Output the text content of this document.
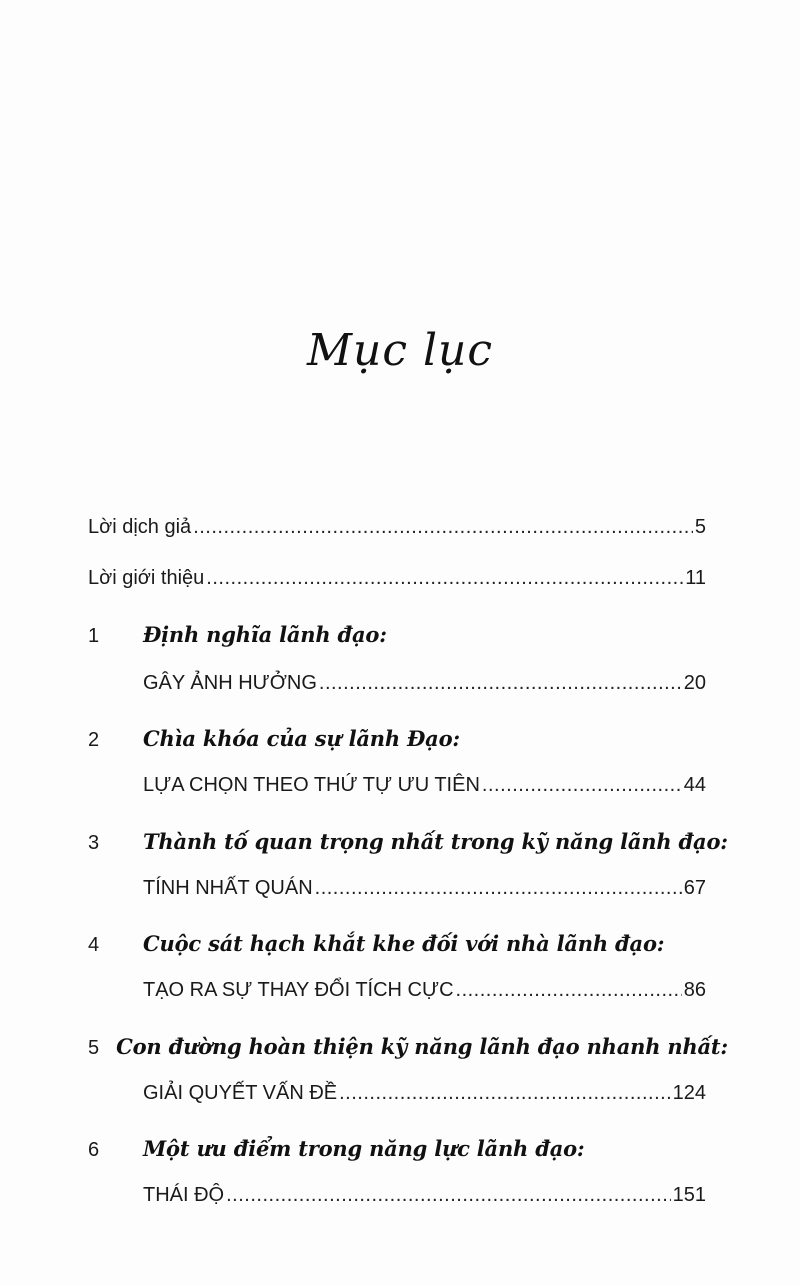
Mục lục
Lời dịch giả .....	5
Lời giới thiệu .....	11
1	Định nghĩa lãnh đạo:
GÂY ẢNH HƯỞNG .....	20
2	Chìa khóa của sự lãnh Đạo:
LỰA CHỌN THEO THỨ TỰ ƯU TIÊN .....	44
3	Thành tố quan trọng nhất trong kỹ năng lãnh đạo:
TÍNH NHẤT QUÁN .....	67
4	Cuộc sát hạch khắt khe đối với nhà lãnh đạo:
TẠO RA SỰ THAY ĐỔI TÍCH CỰC .....	86
5 Con đường hoàn thiện kỹ năng lãnh đạo nhanh nhất:
GIẢI QUYẾT VẤN ĐỀ .....	124
6	Một ưu điểm trong năng lực lãnh đạo:
THÁI ĐỘ .....	151
